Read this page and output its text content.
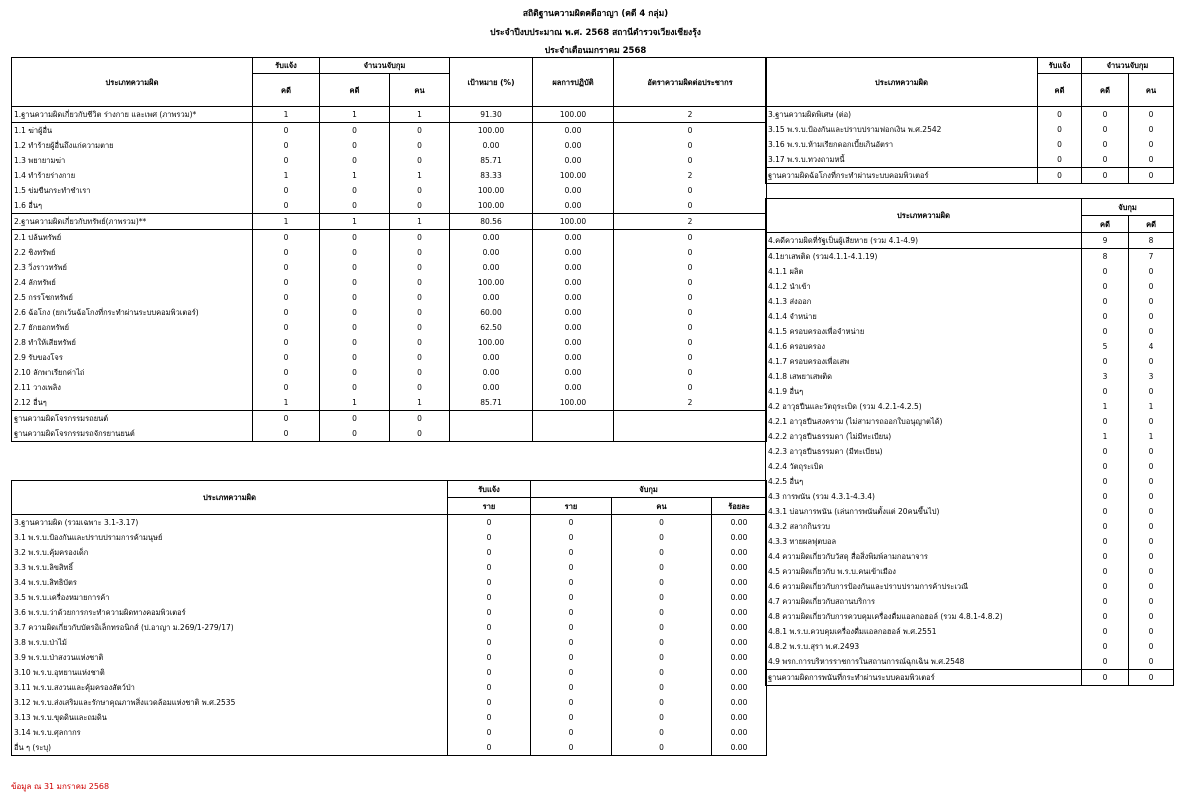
สถิติฐานความผิดคดีอาญา (คดี 4 กลุ่ม)
ประจำปีงบประมาณ พ.ศ. 2568 สถานีตำรวจเวียงเชียงรุ้ง
ประจำเดือนมกราคม 2568
ประเภทความผิด	รับแจ้ง	จำนวนจับกุม		เป้าหมาย (%)	ผลการปฏิบัติ	อัตราความผิดต่อประชากร
	คดี	คดี	คน			
1.ฐานความผิดเกี่ยวกับชีวิต ร่างกาย และเพศ (ภาพรวม)*	1	1	1	91.30	100.00	2
1.1 ฆ่าผู้อื่น	0	0	0	100.00	0.00	0
1.2 ทำร้ายผู้อื่นถึงแก่ความตาย	0	0	0	0.00	0.00	0
1.3 พยายามฆ่า	0	0	0	85.71	0.00	0
1.4 ทำร้ายร่างกาย	1	1	1	83.33	100.00	2
1.5 ข่มขืนกระทำชำเรา	0	0	0	100.00	0.00	0
1.6 อื่นๆ	0	0	0	100.00	0.00	0
2.ฐานความผิดเกี่ยวกับทรัพย์(ภาพรวม)**	1	1	1	80.56	100.00	2
2.1 ปล้นทรัพย์	0	0	0	0.00	0.00	0
2.2 ชิงทรัพย์	0	0	0	0.00	0.00	0
2.3 วิ่งราวทรัพย์	0	0	0	0.00	0.00	0
2.4 ลักทรัพย์	0	0	0	100.00	0.00	0
2.5 กรรโชกทรัพย์	0	0	0	0.00	0.00	0
2.6 ฉ้อโกง (ยกเว้นฉ้อโกงที่กระทำผ่านระบบคอมพิวเตอร์)	0	0	0	60.00	0.00	0
2.7 ยักยอกทรัพย์	0	0	0	62.50	0.00	0
2.8 ทำให้เสียทรัพย์	0	0	0	100.00	0.00	0
2.9 รับของโจร	0	0	0	0.00	0.00	0
2.10 ลักพาเรียกค่าไถ่	0	0	0	0.00	0.00	0
2.11 วางเพลิง	0	0	0	0.00	0.00	0
2.12 อื่นๆ	1	1	1	85.71	100.00	2
ฐานความผิดโจรกรรมรถยนต์	0	0	0			
ฐานความผิดโจรกรรมรถจักรยานยนต์	0	0	0			
ประเภทความผิด	รับแจ้ง	จับกุม		
	ราย	ราย	คน	ร้อยละ
3.ฐานความผิด (รวมเฉพาะ 3.1-3.17)	0	0	0	0.00
3.1 พ.ร.บ.ป้องกันและปราบปรามการค้ามนุษย์	0	0	0	0.00
3.2 พ.ร.บ.คุ้มครองเด็ก	0	0	0	0.00
3.3 พ.ร.บ.ลิขสิทธิ์	0	0	0	0.00
3.4 พ.ร.บ.สิทธิบัตร	0	0	0	0.00
3.5 พ.ร.บ.เครื่องหมายการค้า	0	0	0	0.00
3.6 พ.ร.บ.ว่าด้วยการกระทำความผิดทางคอมพิวเตอร์	0	0	0	0.00
3.7 ความผิดเกี่ยวกับบัตรอิเล็กทรอนิกส์ (ป.อาญา ม.269/1-279/17)	0	0	0	0.00
3.8 พ.ร.บ.ป่าไม้	0	0	0	0.00
3.9 พ.ร.บ.ป่าสงวนแห่งชาติ	0	0	0	0.00
3.10 พ.ร.บ.อุทยานแห่งชาติ	0	0	0	0.00
3.11 พ.ร.บ.สงวนและคุ้มครองสัตว์ป่า	0	0	0	0.00
3.12 พ.ร.บ.ส่งเสริมและรักษาคุณภาพสิ่งแวดล้อมแห่งชาติ พ.ศ.2535	0	0	0	0.00
3.13 พ.ร.บ.ขุดดินและถมดิน	0	0	0	0.00
3.14 พ.ร.บ.ศุลกากร	0	0	0	0.00
อื่น ๆ (ระบุ)	0	0	0	0.00
ประเภทความผิด	รับแจ้ง	จำนวนจับกุม	
	คดี	คดี	คน
3.ฐานความผิดพิเศษ (ต่อ)	0	0	0
3.15 พ.ร.บ.ป้องกันและปราบปรามฟอกเงิน พ.ศ.2542	0	0	0
3.16 พ.ร.บ.ห้ามเรียกดอกเบี้ยเกินอัตรา	0	0	0
3.17 พ.ร.บ.ทวงถามหนี้	0	0	0
ฐานความผิดฉ้อโกงที่กระทำผ่านระบบคอมพิวเตอร์	0	0	0
ประเภทความผิด	จับกุม	
	คดี	คดี
4.คดีความผิดที่รัฐเป็นผู้เสียหาย (รวม 4.1-4.9)	9	8
4.1ยาเสพติด (รวม4.1.1-4.1.19)	8	7
4.1.1 ผลิต	0	0
4.1.2 นำเข้า	0	0
4.1.3 ส่งออก	0	0
4.1.4 จำหน่าย	0	0
4.1.5 ครอบครองเพื่อจำหน่าย	0	0
4.1.6 ครอบครอง	5	4
4.1.7 ครอบครองเพื่อเสพ	0	0
4.1.8 เสพยาเสพติด	3	3
4.1.9 อื่นๆ	0	0
4.2 อาวุธปืนและวัตถุระเบิด (รวม 4.2.1-4.2.5)	1	1
4.2.1 อาวุธปืนสงคราม (ไม่สามารถออกใบอนุญาตได้)	0	0
4.2.2 อาวุธปืนธรรมดา (ไม่มีทะเบียน)	1	1
4.2.3 อาวุธปืนธรรมดา (มีทะเบียน)	0	0
4.2.4 วัตถุระเบิด	0	0
4.2.5 อื่นๆ	0	0
4.3 การพนัน (รวม 4.3.1-4.3.4)	0	0
4.3.1 บ่อนการพนัน (เล่นการพนันตั้งแต่ 20คนขึ้นไป)	0	0
4.3.2 สลากกินรวบ	0	0
4.3.3 ทายผลฟุตบอล	0	0
4.4 ความผิดเกี่ยวกับวัสดุ สื่อสิ่งพิมพ์ลามกอนาจาร	0	0
4.5 ความผิดเกี่ยวกับ พ.ร.บ.คนเข้าเมือง	0	0
4.6 ความผิดเกี่ยวกับการป้องกันและปราบปรามการค้าประเวณี	0	0
4.7 ความผิดเกี่ยวกับสถานบริการ	0	0
4.8 ความผิดเกี่ยวกับการควบคุมเครื่องดื่มแอลกอฮอล์ (รวม 4.8.1-4.8.2)	0	0
4.8.1 พ.ร.บ.ควบคุมเครื่องดื่มแอลกอฮอล์ พ.ศ.2551	0	0
4.8.2 พ.ร.บ.สุรา พ.ศ.2493	0	0
4.9 พรก.การบริหารราชการในสถานการณ์ฉุกเฉิน พ.ศ.2548	0	0
ฐานความผิดการพนันที่กระทำผ่านระบบคอมพิวเตอร์	0	0
ข้อมูล ณ 31 มกราคม 2568
